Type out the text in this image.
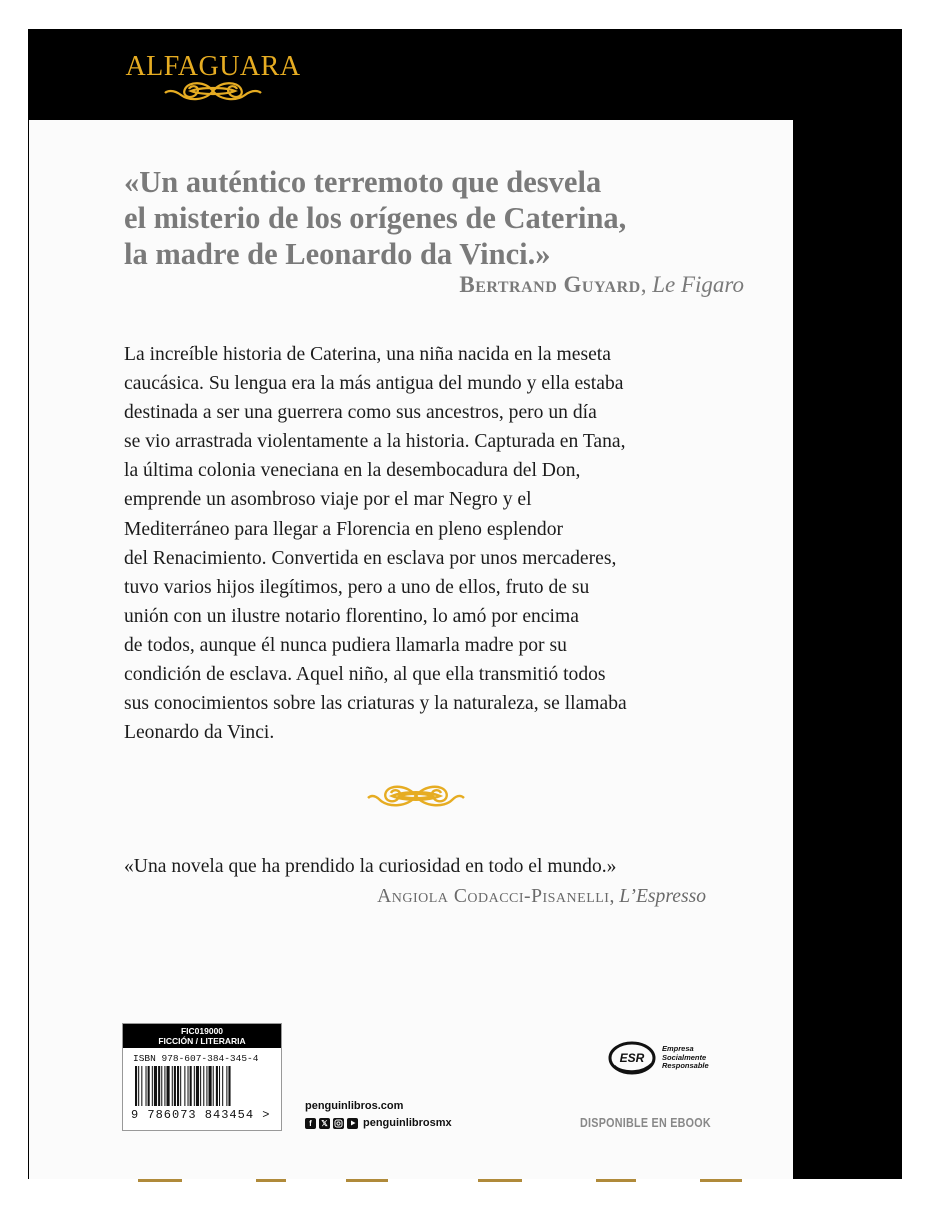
ALFAGUARA

«Un auténtico terremoto que desvela
el misterio de los orígenes de Caterina,
la madre de Leonardo da Vinci.»

Bertrand Guyard, Le Figaro
La increíble historia de Caterina, una niña nacida en la meseta
caucásica. Su lengua era la más antigua del mundo y ella estaba
destinada a ser una guerrera como sus ancestros, pero un día
se vio arrastrada violentamente a la historia. Capturada en Tana,
la última colonia veneciana en la desembocadura del Don,
emprende un asombroso viaje por el mar Negro y el
Mediterráneo para llegar a Florencia en pleno esplendor
del Renacimiento. Convertida en esclava por unos mercaderes,
tuvo varios hijos ilegítimos, pero a uno de ellos, fruto de su
unión con un ilustre notario florentino, lo amó por encima
de todos, aunque él nunca pudiera llamarla madre por su
condición de esclava. Aquel niño, al que ella transmitió todos
sus conocimientos sobre las criaturas y la naturaleza, se llamaba
Leonardo da Vinci.
«Una novela que ha prendido la curiosidad en todo el mundo.»
Angiola Codacci-Pisanelli, L’Espresso
FIC019000
FICCIÓN / LITERARIA
ISBN 978-607-384-345-4
9 786073 843454 >
penguinlibros.com
f	𝕏	penguinlibrosmx
ESR
Empresa
Socialmente
Responsable
DISPONIBLE EN EBOOK
